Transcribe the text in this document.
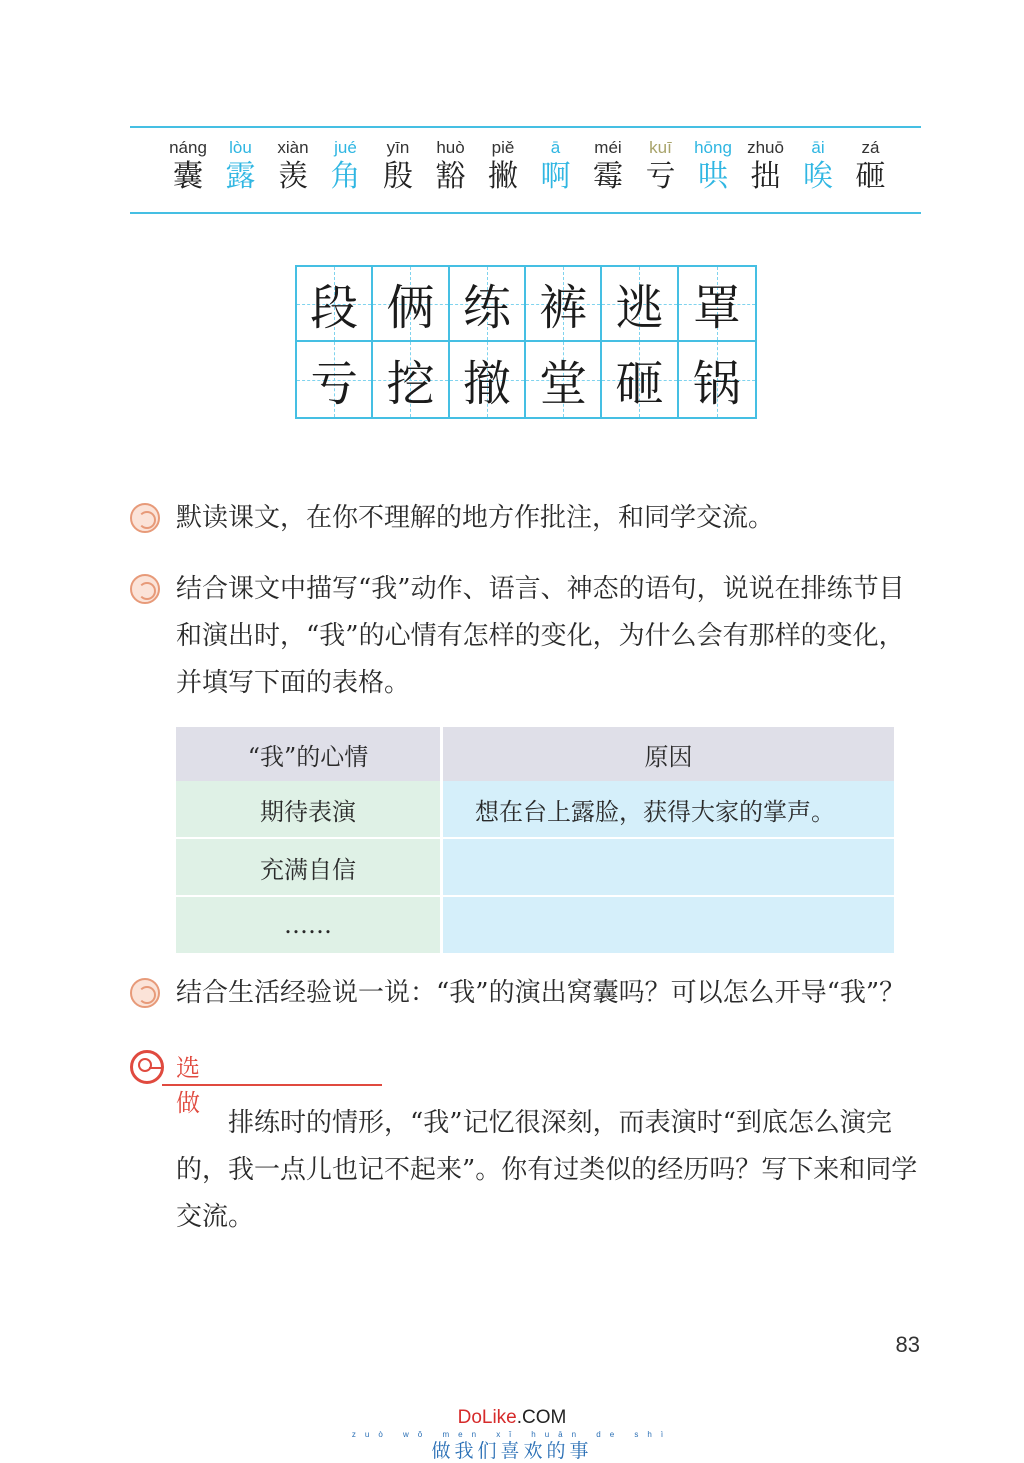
náng
囊
lòu
露
xiàn
羡
jué
角
yīn
殷
huò
豁
piě
撇
ā
啊
méi
霉
kuī
亏
hōng
哄
zhuō
拙
āi
唉
zá
砸
段 俩 练 裤 逃 罩
亏 挖 撤 堂 砸 锅
默读课文，在你不理解的地方作批注，和同学交流。
结合课文中描写“我”动作、语言、神态的语句，说说在排练节目和演出时，“我”的心情有怎样的变化，为什么会有那样的变化，并填写下面的表格。
“我”的心情	原因
期待表演	想在台上露脸，获得大家的掌声。
充满自信	
……	
结合生活经验说一说：“我”的演出窝囊吗？可以怎么开导“我”？
选 做
排练时的情形，“我”记忆很深刻，而表演时“到底怎么演完的，我一点儿也记不起来”。你有过类似的经历吗？写下来和同学交流。
83
DoLike.COM
zuò wǒ men xǐ huān de shì
做我们喜欢的事
